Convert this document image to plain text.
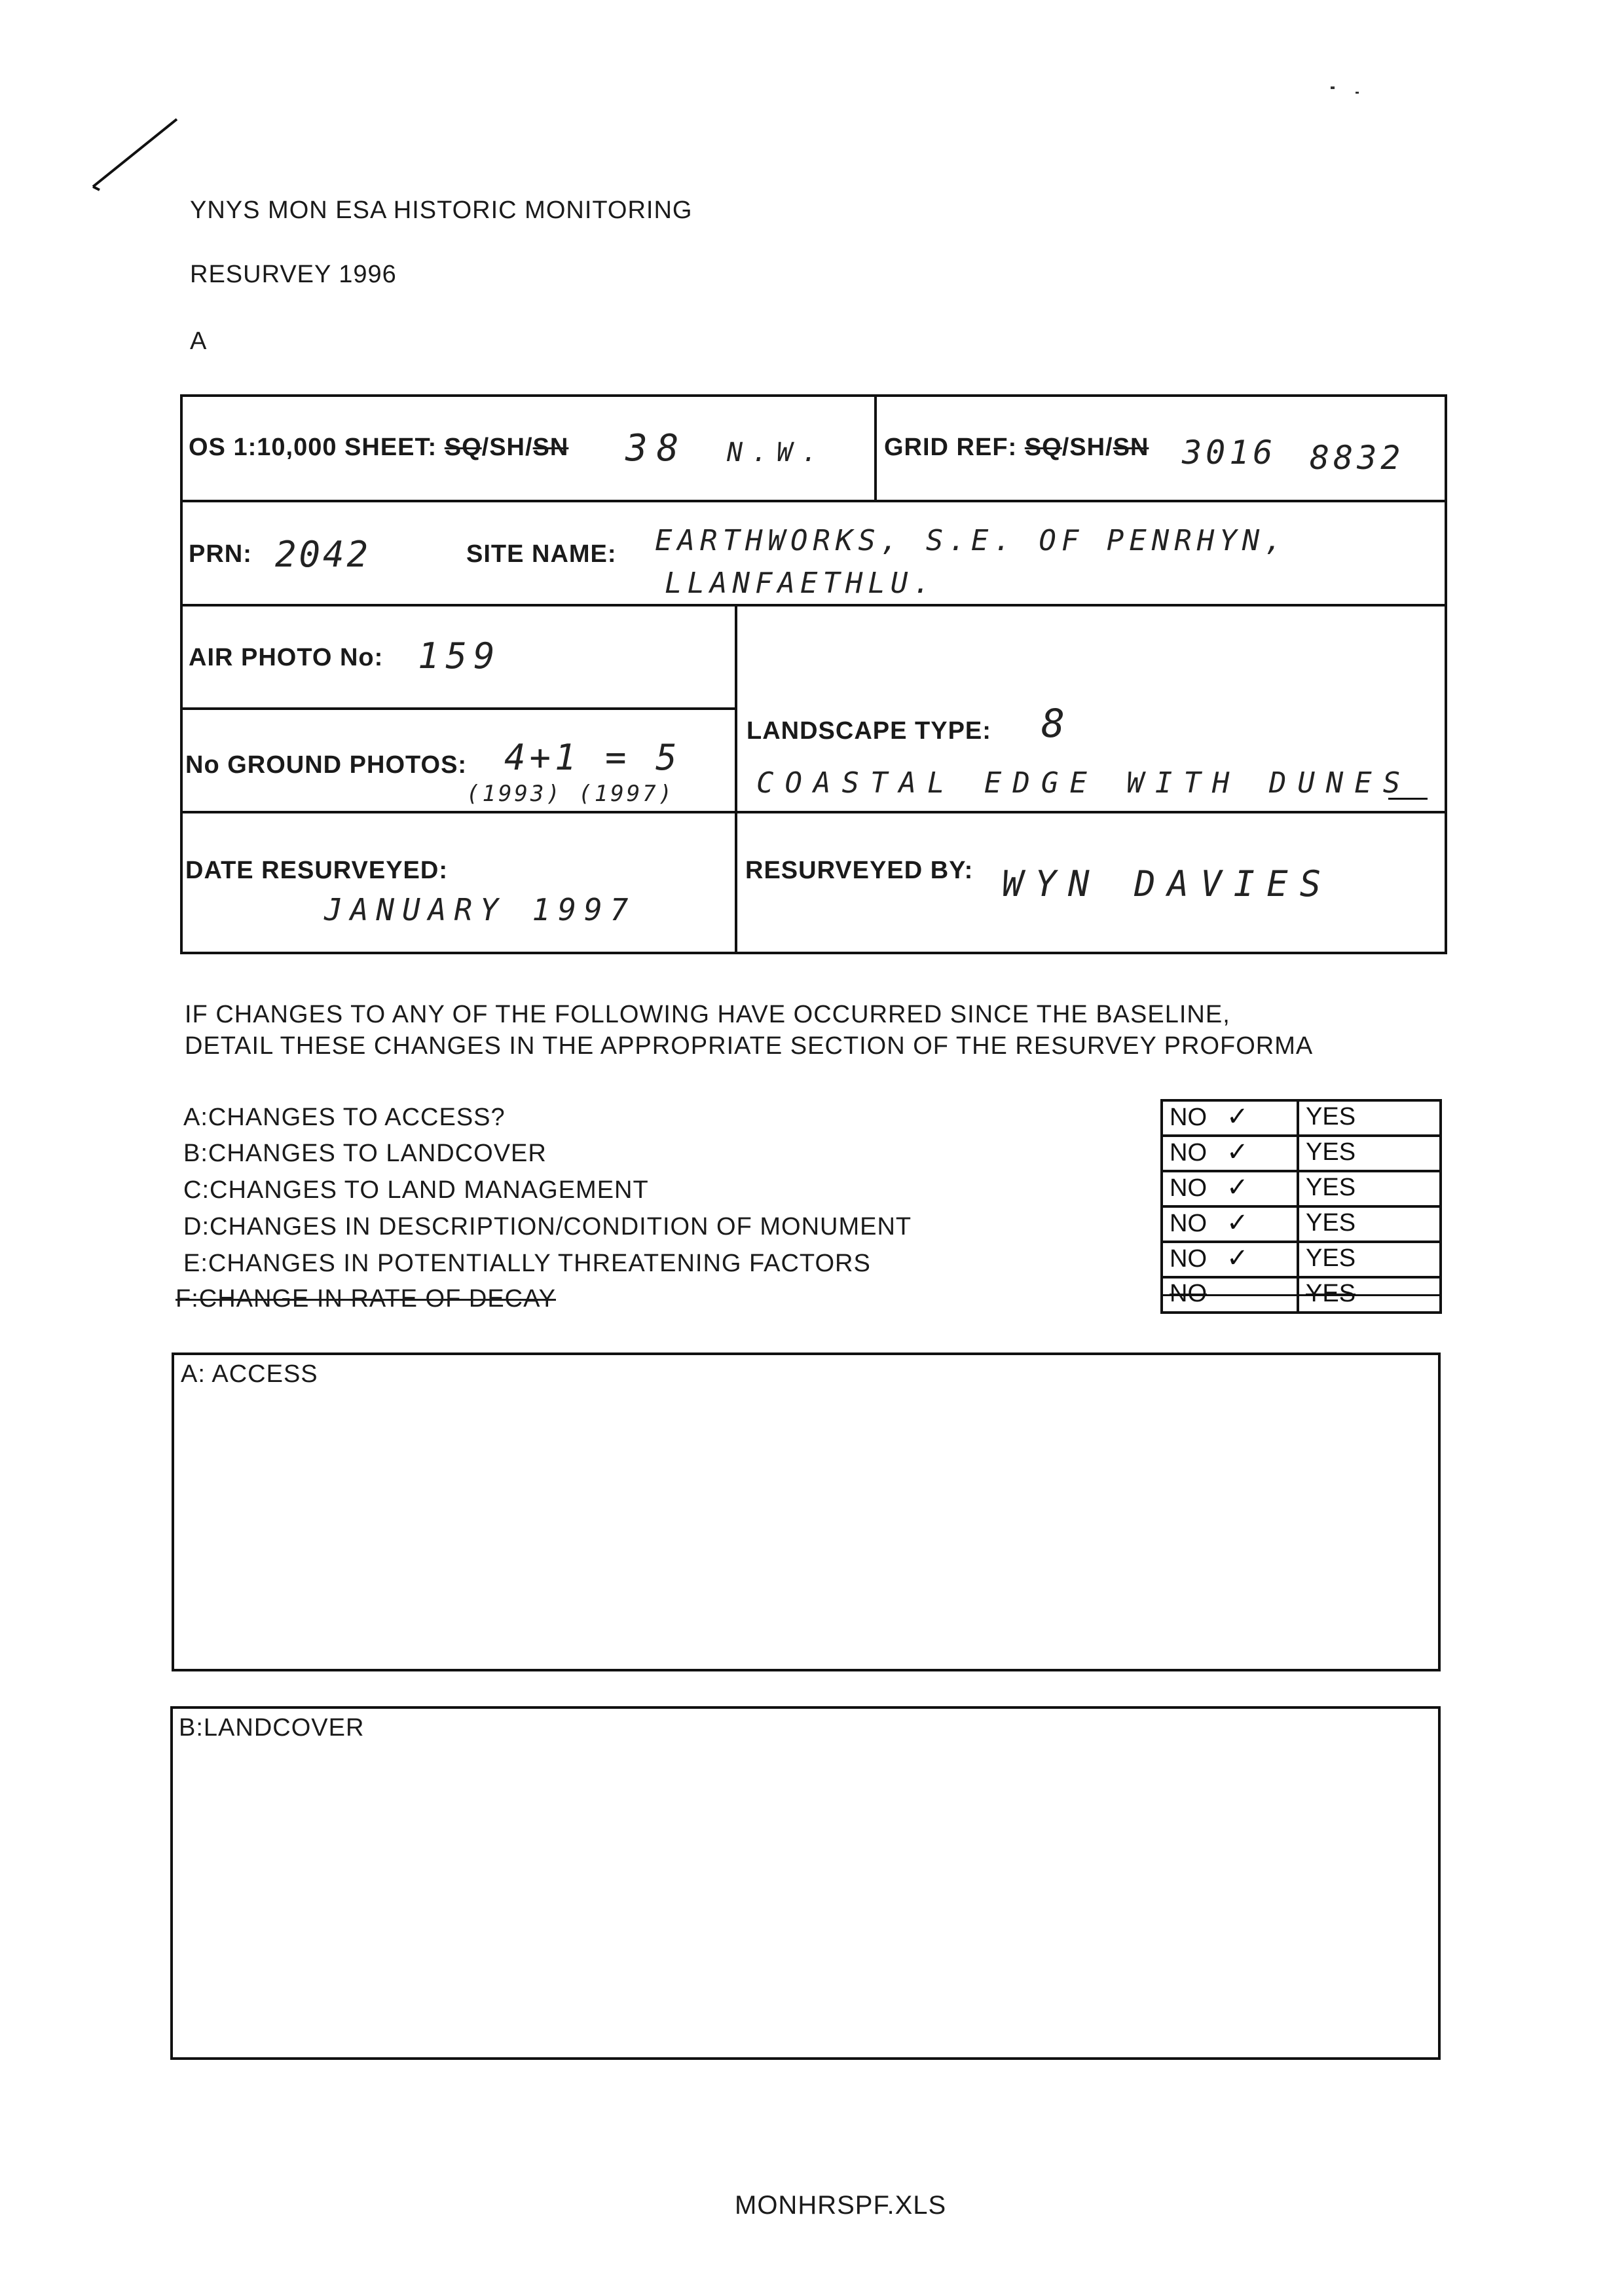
YNYS MON ESA HISTORIC MONITORING
RESURVEY 1996
A
OS 1:10,000 SHEET: SQ/SH/SN 38 N.W. GRID REF: SQ/SH/SN 3016 8832
PRN: 2042	SITE NAME: EARTHWORKS, S.E. OF PENRHYN,
LLANFAETHLU.
AIR PHOTO No: 159
No GROUND PHOTOS: 4+1 = 5
(1993) (1997)
LANDSCAPE TYPE: 8
COASTAL EDGE WITH DUNES
DATE RESURVEYED:
JANUARY 1997
RESURVEYED BY: WYN DAVIES
IF CHANGES TO ANY OF THE FOLLOWING HAVE OCCURRED SINCE THE BASELINE,
DETAIL THESE CHANGES IN THE APPROPRIATE SECTION OF THE RESURVEY PROFORMA
A:CHANGES TO ACCESS?
B:CHANGES TO LANDCOVER
C:CHANGES TO LAND MANAGEMENT
D:CHANGES IN DESCRIPTION/CONDITION OF MONUMENT
E:CHANGES IN POTENTIALLY THREATENING FACTORS
F:CHANGE IN RATE OF DECAY
NO ✓	YES
NO ✓	YES
NO ✓	YES
NO ✓	YES
NO ✓	YES
NO	YES
A: ACCESS
B:LANDCOVER
MONHRSPF.XLS
